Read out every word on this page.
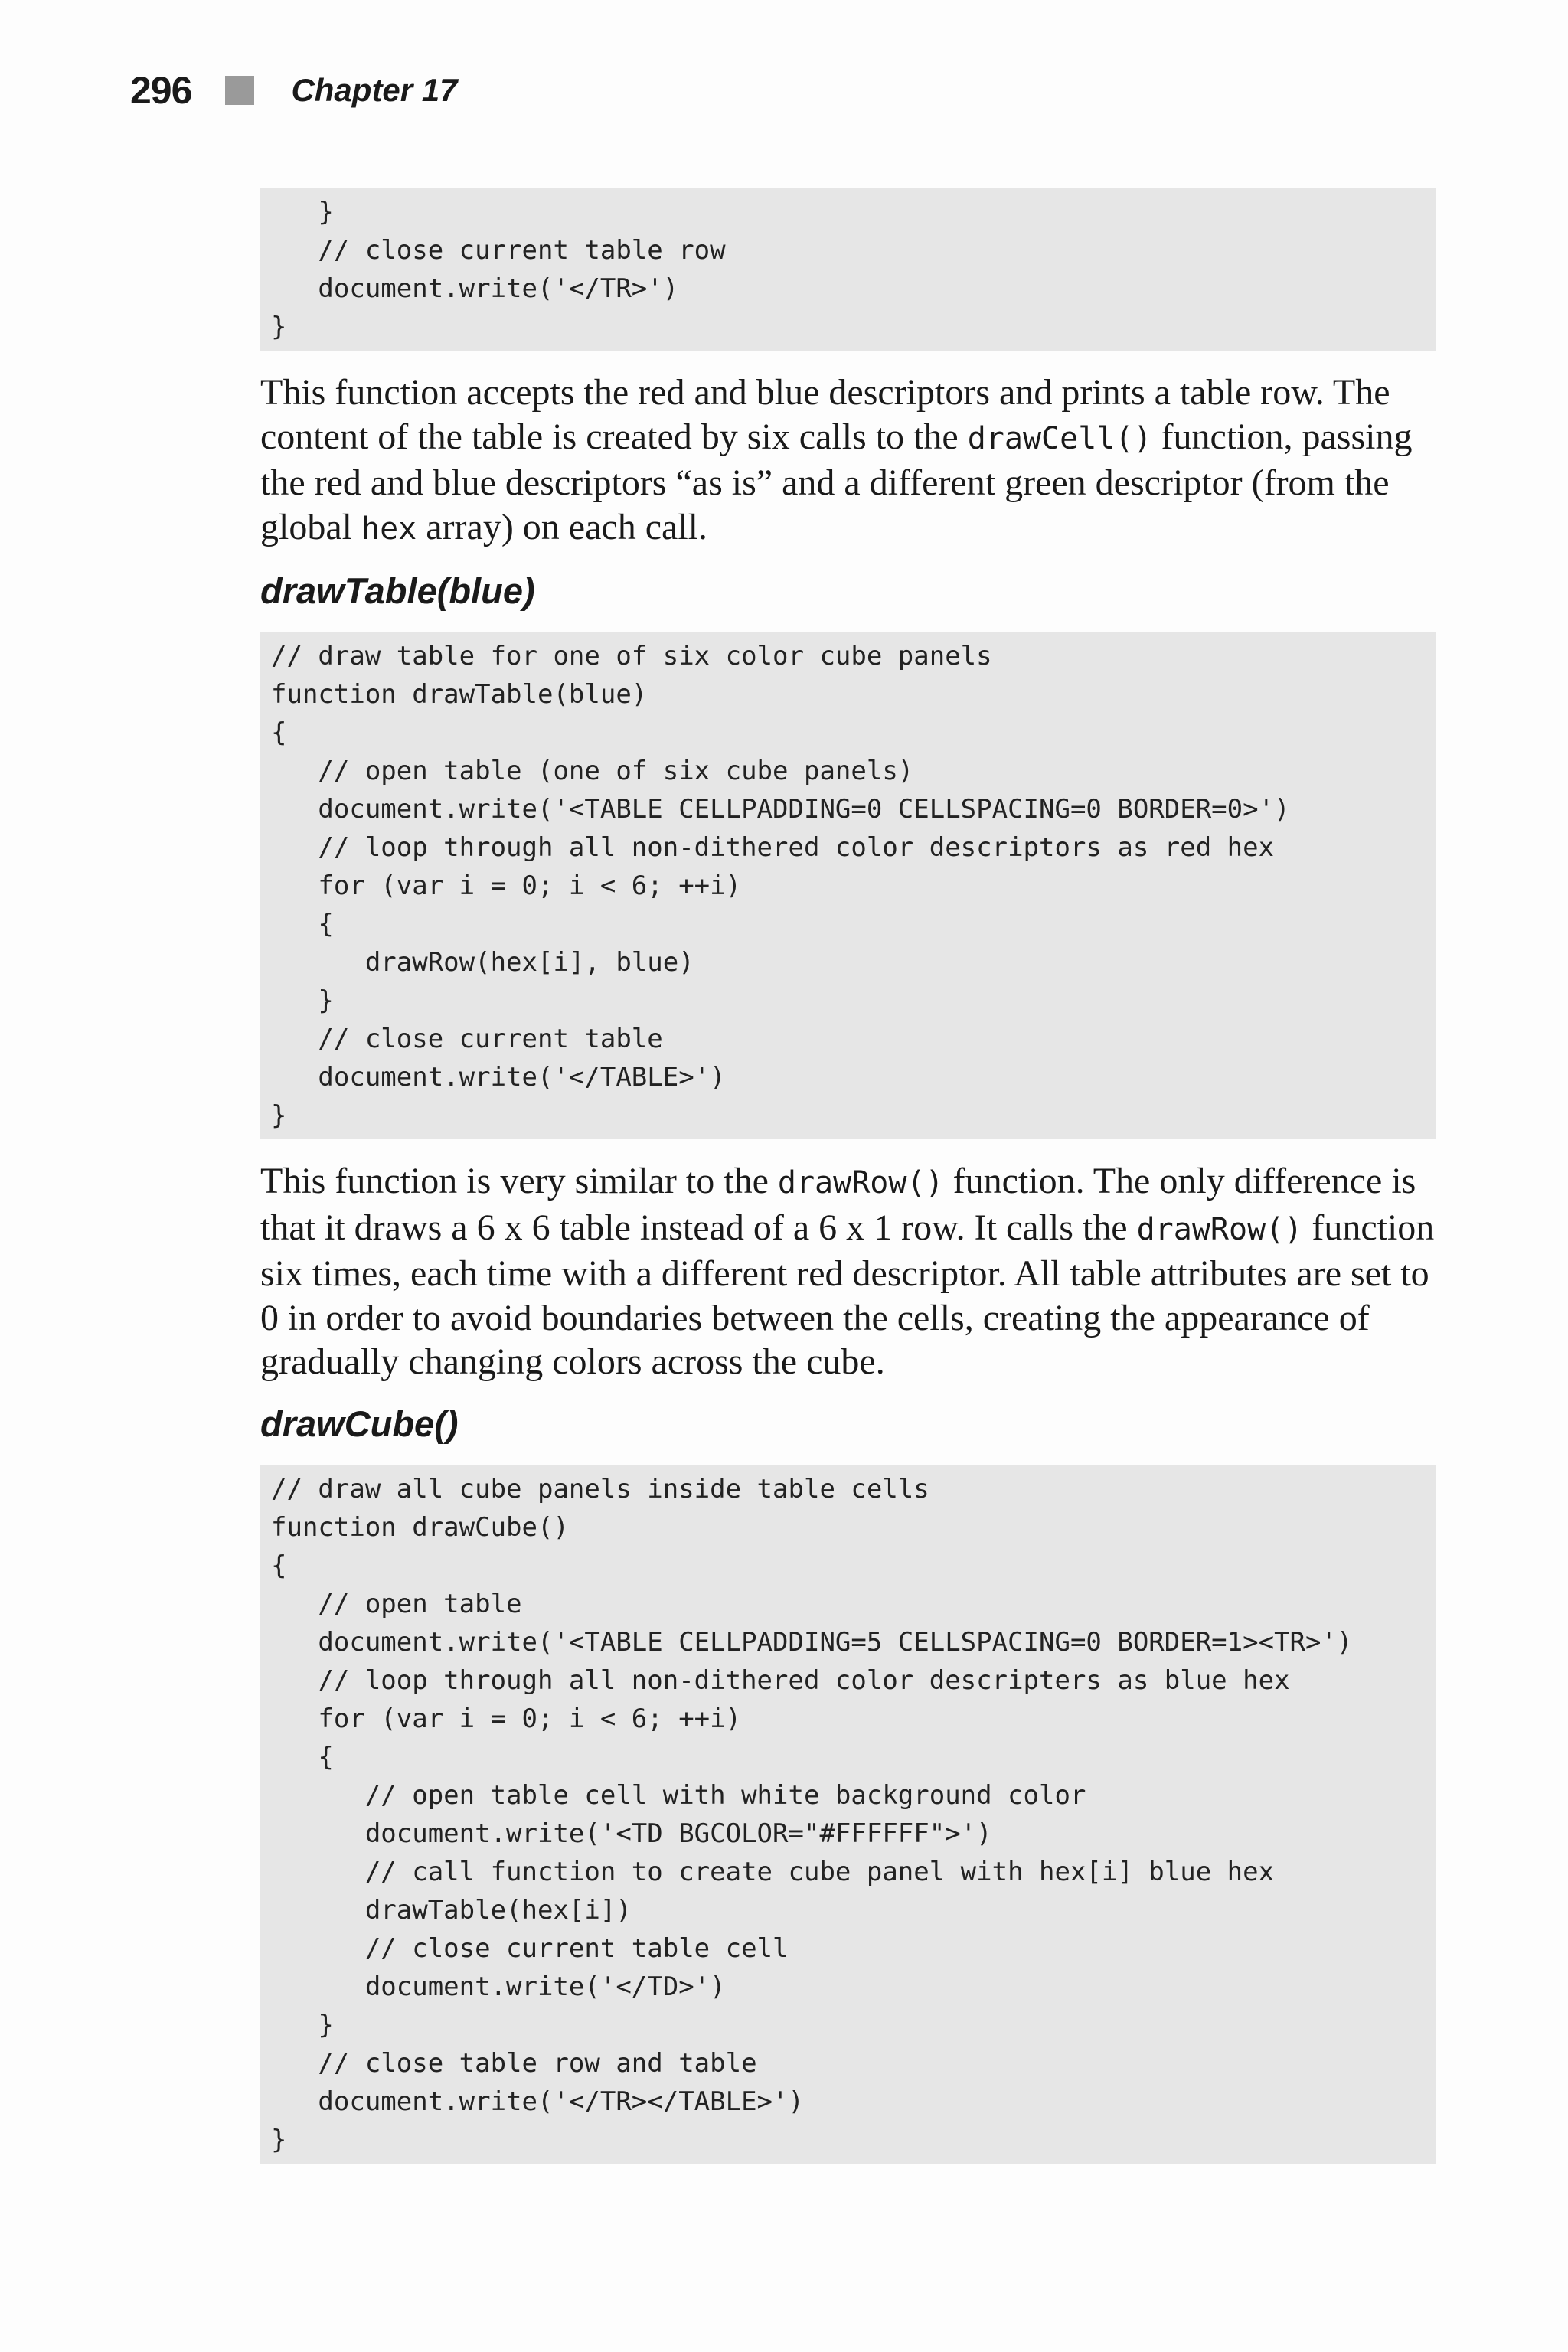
296	Chapter 17
}
// close current table row
document.write('</TR>')
}

This function accepts the red and blue descriptors and prints a table row. The content of the table is created by six calls to the drawCell() function, passing the red and blue descriptors “as is” and a different green descriptor (from the global hex array) on each call.

drawTable(blue)
// draw table for one of six color cube panels
function drawTable(blue)
{
// open table (one of six cube panels)
document.write('<TABLE CELLPADDING=0 CELLSPACING=0 BORDER=0>')
// loop through all non-dithered color descriptors as red hex
for (var i = 0; i < 6; ++i)
{
drawRow(hex[i], blue)
}
// close current table
document.write('</TABLE>')
}

This function is very similar to the drawRow() function. The only difference is that it draws a 6 x 6 table instead of a 6 x 1 row. It calls the drawRow() function six times, each time with a different red descriptor. All table attributes are set to 0 in order to avoid boundaries between the cells, creating the appearance of gradually changing colors across the cube.

drawCube()
// draw all cube panels inside table cells
function drawCube()
{
// open table
document.write('<TABLE CELLPADDING=5 CELLSPACING=0 BORDER=1><TR>')
// loop through all non-dithered color descripters as blue hex
for (var i = 0; i < 6; ++i)
{
// open table cell with white background color
document.write('<TD BGCOLOR="#FFFFFF">')
// call function to create cube panel with hex[i] blue hex
drawTable(hex[i])
// close current table cell
document.write('</TD>')
}
// close table row and table
document.write('</TR></TABLE>')
}
